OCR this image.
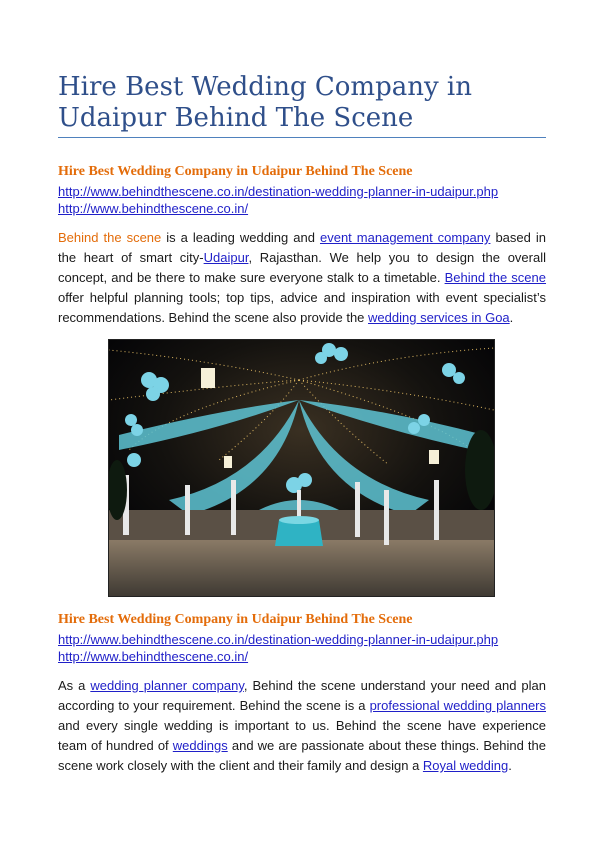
Hire Best Wedding Company in Udaipur Behind The Scene

Hire Best Wedding Company in Udaipur Behind The Scene

http://www.behindthescene.co.in/destination-wedding-planner-in-udaipur.php
http://www.behindthescene.co.in/

Behind the scene is a leading wedding and event management company based in the heart of smart city-Udaipur, Rajasthan. We help you to design the overall concept, and be there to make sure everyone stalk to a timetable. Behind the scene offer helpful planning tools; top tips, advice and inspiration with event specialist’s recommendations. Behind the scene also provide the wedding services in Goa.

Hire Best Wedding Company in Udaipur Behind The Scene

http://www.behindthescene.co.in/destination-wedding-planner-in-udaipur.php
http://www.behindthescene.co.in/

As a wedding planner company, Behind the scene understand your need and plan according to your requirement. Behind the scene is a professional wedding planners and every single wedding is important to us. Behind the scene have experience team of hundred of weddings and we are passionate about these things. Behind the scene work closely with the client and their family and design a Royal wedding.
